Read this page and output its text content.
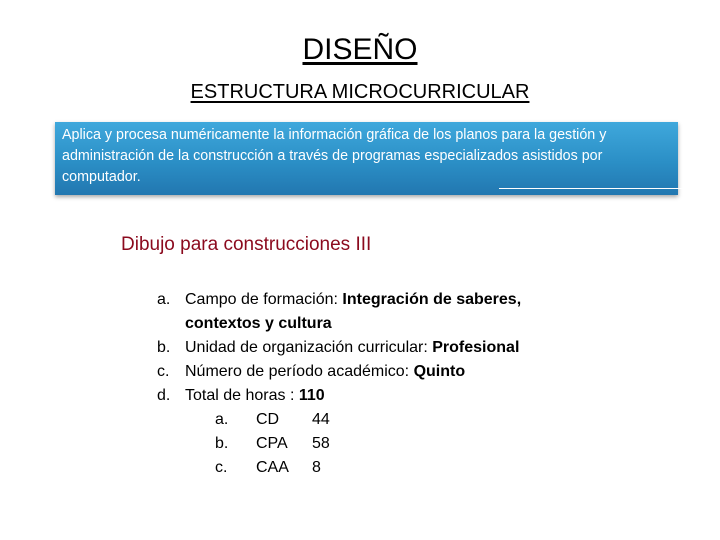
DISEÑO
ESTRUCTURA MICROCURRICULAR

Aplica y procesa numéricamente la información gráfica de los planos para la gestión y administración de la construcción a través de programas especializados asistidos por computador.

Dibujo para construcciones III
a. Campo de formación: Integración de saberes, contextos y cultura
b. Unidad de organización curricular: Profesional
c. Número de período académico: Quinto
d. Total de horas : 110
a.	CD	44
b.	CPA	58
c.	CAA	8
